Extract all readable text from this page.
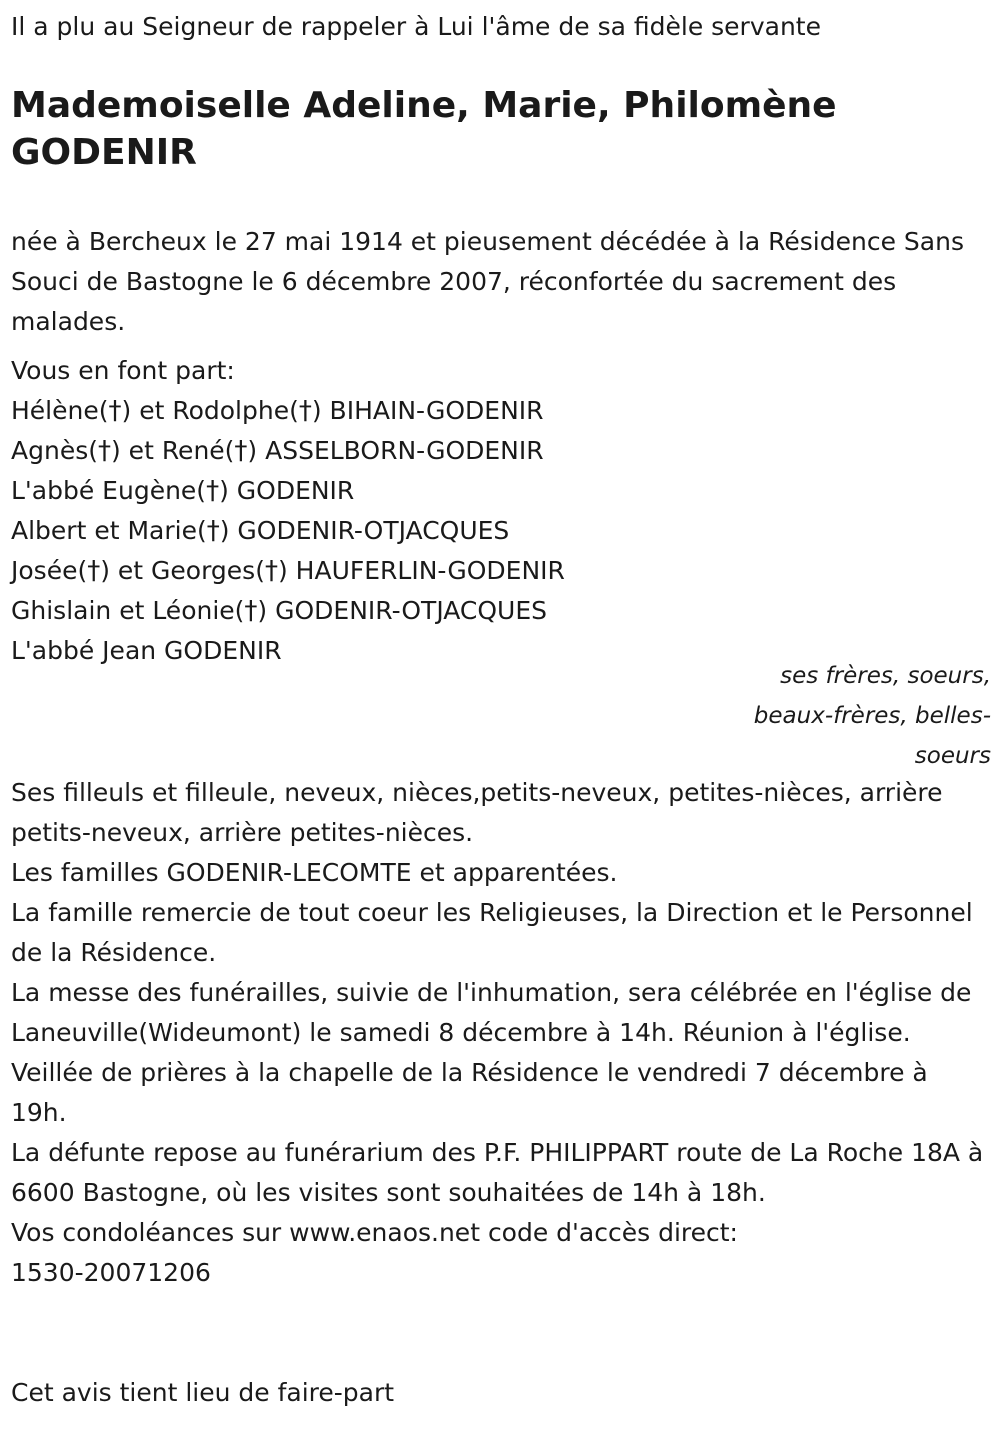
Il a plu au Seigneur de rappeler à Lui l'âme de sa fidèle servante
Mademoiselle Adeline, Marie, Philomène
GODENIR
née à Bercheux le 27 mai 1914 et pieusement décédée à la Résidence Sans Souci de Bastogne le 6 décembre 2007, réconfortée du sacrement des malades.
Vous en font part:
Hélène(†) et Rodolphe(†) BIHAIN-GODENIR
Agnès(†) et René(†) ASSELBORN-GODENIR
L'abbé Eugène(†) GODENIR
Albert et Marie(†) GODENIR-OTJACQUES
Josée(†) et Georges(†) HAUFERLIN-GODENIR
Ghislain et Léonie(†) GODENIR-OTJACQUES
L'abbé Jean GODENIR
ses frères, soeurs, beaux-frères, belles-soeurs
Ses filleuls et filleule, neveux, nièces,petits-neveux, petites-nièces, arrière petits-neveux, arrière petites-nièces.
Les familles GODENIR-LECOMTE et apparentées.
La famille remercie de tout coeur les Religieuses, la Direction et le Personnel de la Résidence.
La messe des funérailles, suivie de l'inhumation, sera célébrée en l'église de Laneuville(Wideumont) le samedi 8 décembre à 14h. Réunion à l'église.
Veillée de prières à la chapelle de la Résidence le vendredi 7 décembre à 19h.
La défunte repose au funérarium des P.F. PHILIPPART route de La Roche 18A à 6600 Bastogne, où les visites sont souhaitées de 14h à 18h.
Vos condoléances sur www.enaos.net code d'accès direct:
1530-20071206
Cet avis tient lieu de faire-part
